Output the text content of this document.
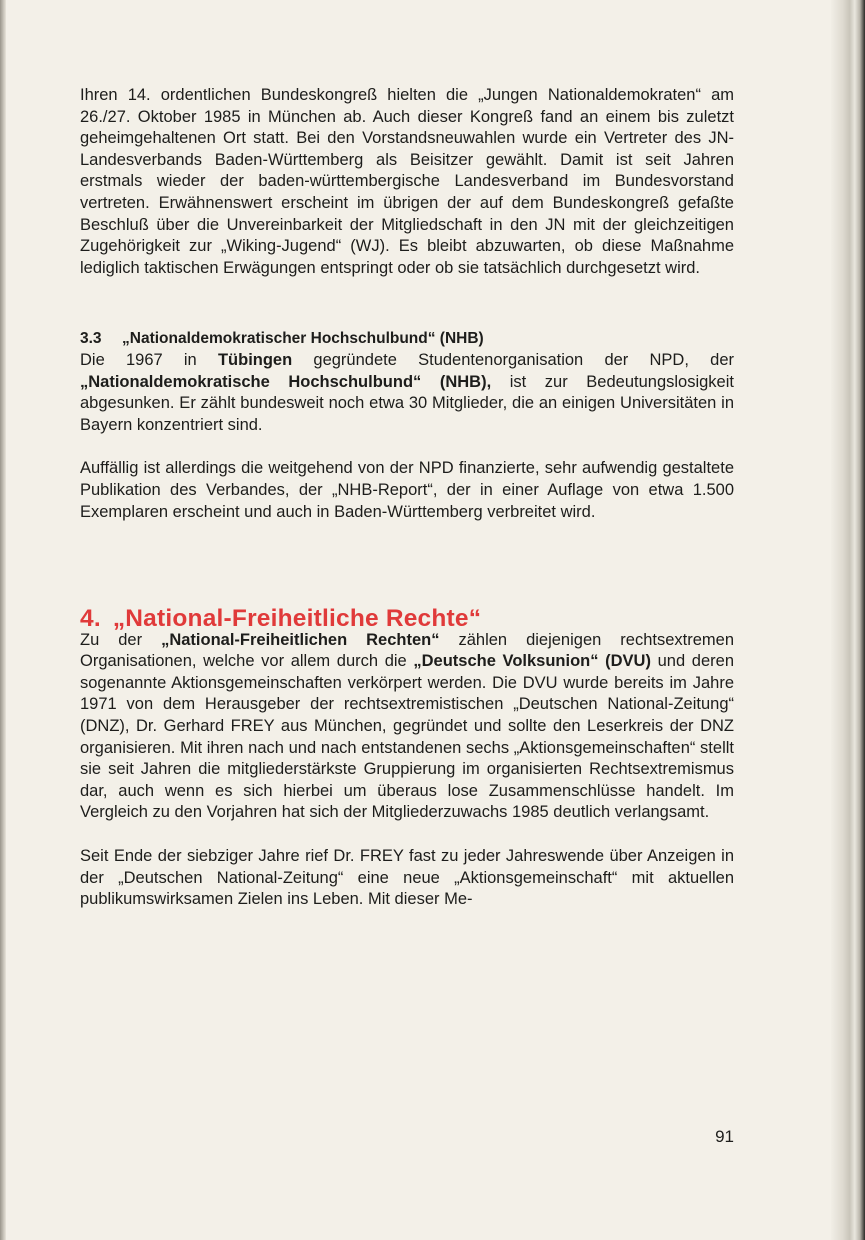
Ihren 14. ordentlichen Bundeskongreß hielten die „Jungen Nationaldemokraten“ am 26./27. Oktober 1985 in München ab. Auch dieser Kongreß fand an einem bis zuletzt geheimgehaltenen Ort statt. Bei den Vorstandsneuwahlen wurde ein Vertreter des JN-Landesverbands Baden-Württemberg als Beisitzer gewählt. Damit ist seit Jahren erstmals wieder der baden-württembergische Landesverband im Bundesvorstand vertreten. Erwähnenswert erscheint im übrigen der auf dem Bundeskongreß gefaßte Beschluß über die Unvereinbarkeit der Mitgliedschaft in den JN mit der gleichzeitigen Zugehörigkeit zur „Wiking-Jugend“ (WJ). Es bleibt abzuwarten, ob diese Maßnahme lediglich taktischen Erwägungen entspringt oder ob sie tatsächlich durchgesetzt wird.

3.3 „Nationaldemokratischer Hochschulbund“ (NHB)

Die 1967 in Tübingen gegründete Studentenorganisation der NPD, der „Nationaldemokratische Hochschulbund“ (NHB), ist zur Bedeutungslosigkeit abgesunken. Er zählt bundesweit noch etwa 30 Mitglieder, die an einigen Universitäten in Bayern konzentriert sind.

Auffällig ist allerdings die weitgehend von der NPD finanzierte, sehr aufwendig gestaltete Publikation des Verbandes, der „NHB-Report“, der in einer Auflage von etwa 1.500 Exemplaren erscheint und auch in Baden-Württemberg verbreitet wird.

4. „National-Freiheitliche Rechte“

Zu der „National-Freiheitlichen Rechten“ zählen diejenigen rechtsextremen Organisationen, welche vor allem durch die „Deutsche Volksunion“ (DVU) und deren sogenannte Aktionsgemeinschaften verkörpert werden. Die DVU wurde bereits im Jahre 1971 von dem Herausgeber der rechtsextremistischen „Deutschen National-Zeitung“ (DNZ), Dr. Gerhard FREY aus München, gegründet und sollte den Leserkreis der DNZ organisieren. Mit ihren nach und nach entstandenen sechs „Aktionsgemeinschaften“ stellt sie seit Jahren die mitgliederstärkste Gruppierung im organisierten Rechtsextremismus dar, auch wenn es sich hierbei um überaus lose Zusammenschlüsse handelt. Im Vergleich zu den Vorjahren hat sich der Mitgliederzuwachs 1985 deutlich verlangsamt.

Seit Ende der siebziger Jahre rief Dr. FREY fast zu jeder Jahreswende über Anzeigen in der „Deutschen National-Zeitung“ eine neue „Aktionsgemeinschaft“ mit aktuellen publikumswirksamen Zielen ins Leben. Mit dieser Me-

91
